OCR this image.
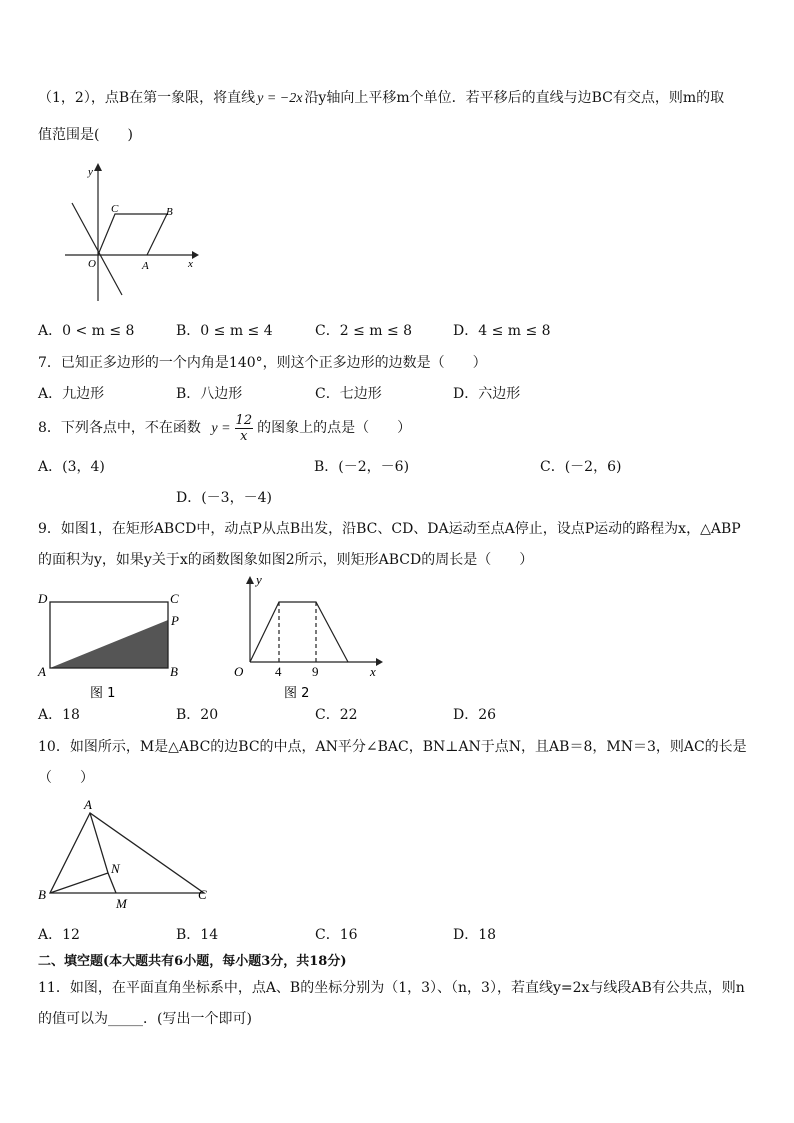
（1，2），点B在第一象限，将直线 y = −2x 沿y轴向上平移m个单位．若平移后的直线与边BC有交点，则m的取
值范围是(　　)
y
x
O	A
B
C
A．0 < m ≤ 8	B．0 ≤ m ≤ 4	C．2 ≤ m ≤ 8	D．4 ≤ m ≤ 8
7．已知正多边形的一个内角是140°，则这个正多边形的边数是（　　）
A．九边形	B．八边形	C．七边形	D．六边形
8．下列各点中，不在函数 $y = \frac{12}{x}$ 的图象上的点是（　　）
A．(3，4)	B．(－2，－6)	C．(－2，6)
D．(－3，－4)
9．如图1，在矩形ABCD中，动点P从点B出发，沿BC、CD、DA运动至点A停止，设点P运动的路程为x，△ABP
的面积为y，如果y关于x的函数图象如图2所示，则矩形ABCD的周长是（　　）
D	C
P
A	B
图 1
y
x
O 4 9
图 2
A．18	B．20	C．22	D．26
10．如图所示，M是△ABC的边BC的中点，AN平分∠BAC，BN⊥AN于点N，且AB＝8，MN＝3，则AC的长是
（　　）
A
B	C
N
M
A．12	B．14	C．16	D．18
二、填空题(本大题共有6小题，每小题3分，共18分)
11．如图，在平面直角坐标系中，点A、B的坐标分别为（1，3）、（n，3），若直线y=2x与线段AB有公共点，则n
的值可以为_____．(写出一个即可)
